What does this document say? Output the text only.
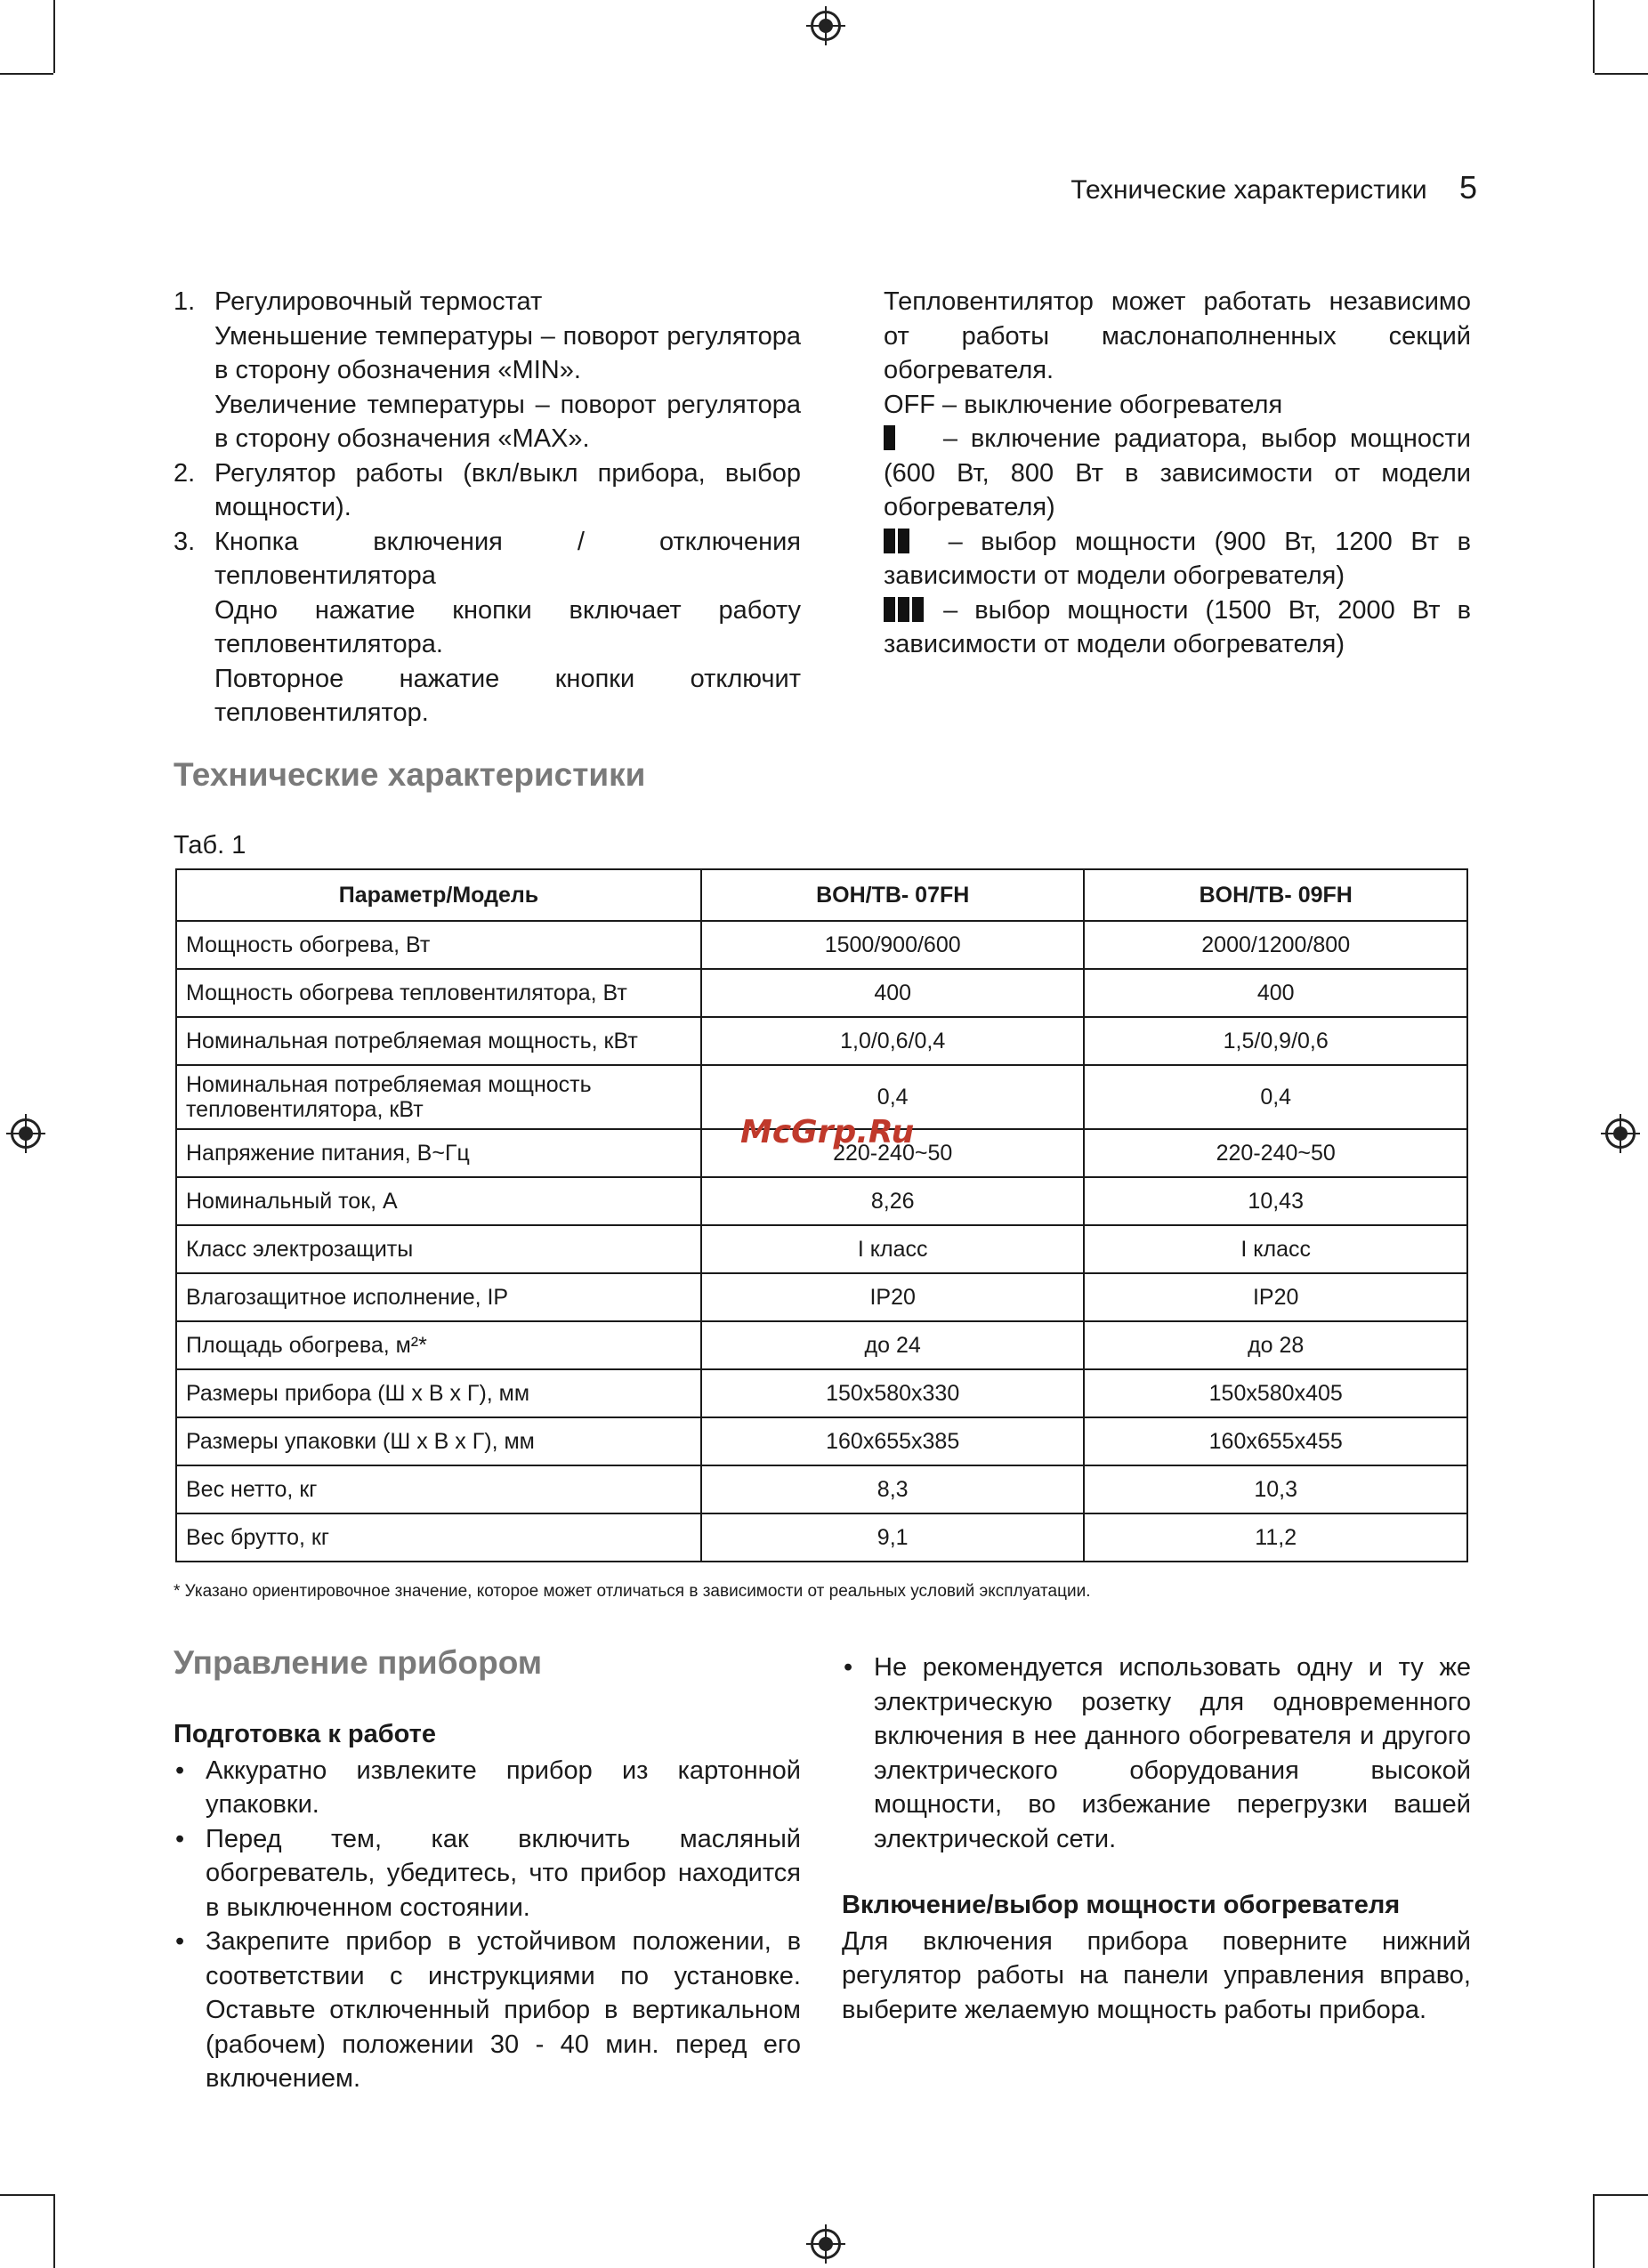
Технические характеристики 5
1. Регулировочный термостат

Уменьшение температуры – поворот регулятора в сторону обозначения «MIN».

Увеличение температуры – поворот регулятора в сторону обозначения «MAX».

2. Регулятор работы (вкл/выкл прибора, выбор мощности).

3. Кнопка включения / отключения тепловентилятора

Одно нажатие кнопки включает работу тепловентилятора.

Повторное нажатие кнопки отключит тепловентилятор.

Тепловентилятор может работать независимо от работы маслонаполненных секций обогревателя.

OFF – выключение обогревателя

– включение радиатора, выбор мощности (600 Вт, 800 Вт в зависимости от модели обогревателя)

– выбор мощности (900 Вт, 1200 Вт в зависимости от модели обогревателя)

– выбор мощности (1500 Вт, 2000 Вт в зависимости от модели обогревателя)

Технические характеристики
Таб. 1
Параметр/Модель	BOH/TB- 07FH	BOH/TB- 09FH
Мощность обогрева, Вт	1500/900/600	2000/1200/800
Мощность обогрева тепловентилятора, Вт	400	400
Номинальная потребляемая мощность, кВт	1,0/0,6/0,4	1,5/0,9/0,6
Номинальная потребляемая мощность тепловентилятора, кВт	0,4	0,4
Напряжение питания, В~Гц	220-240~50	220-240~50
Номинальный ток, А	8,26	10,43
Класс электрозащиты	I класс	I класс
Влагозащитное исполнение, IP	IP20	IP20
Площадь обогрева, м²*	до 24	до 28
Размеры прибора (Ш x В x Г), мм	150x580x330	150x580x405
Размеры упаковки (Ш x В x Г), мм	160x655x385	160x655x455
Вес нетто, кг	8,3	10,3
Вес брутто, кг	9,1	11,2
* Указано ориентировочное значение, которое может отличаться в зависимости от реальных условий эксплуатации.
McGrp.Ru
Управление прибором
Подготовка к работе
• Аккуратно извлеките прибор из картонной упаковки.
• Перед тем, как включить масляный обогреватель, убедитесь, что прибор находится в выключенном состоянии.
• Закрепите прибор в устойчивом положении, в соответствии с инструкциями по установке. Оставьте отключенный прибор в вертикальном (рабочем) положении 30 - 40 мин. перед его включением.
• Не рекомендуется использовать одну и ту же электрическую розетку для одновременного включения в нее данного обогревателя и другого электрического оборудования высокой мощности, во избежание перегрузки вашей электрической сети.
Включение/выбор мощности обогревателя

Для включения прибора поверните нижний регулятор работы на панели управления вправо, выберите желаемую мощность работы прибора.
